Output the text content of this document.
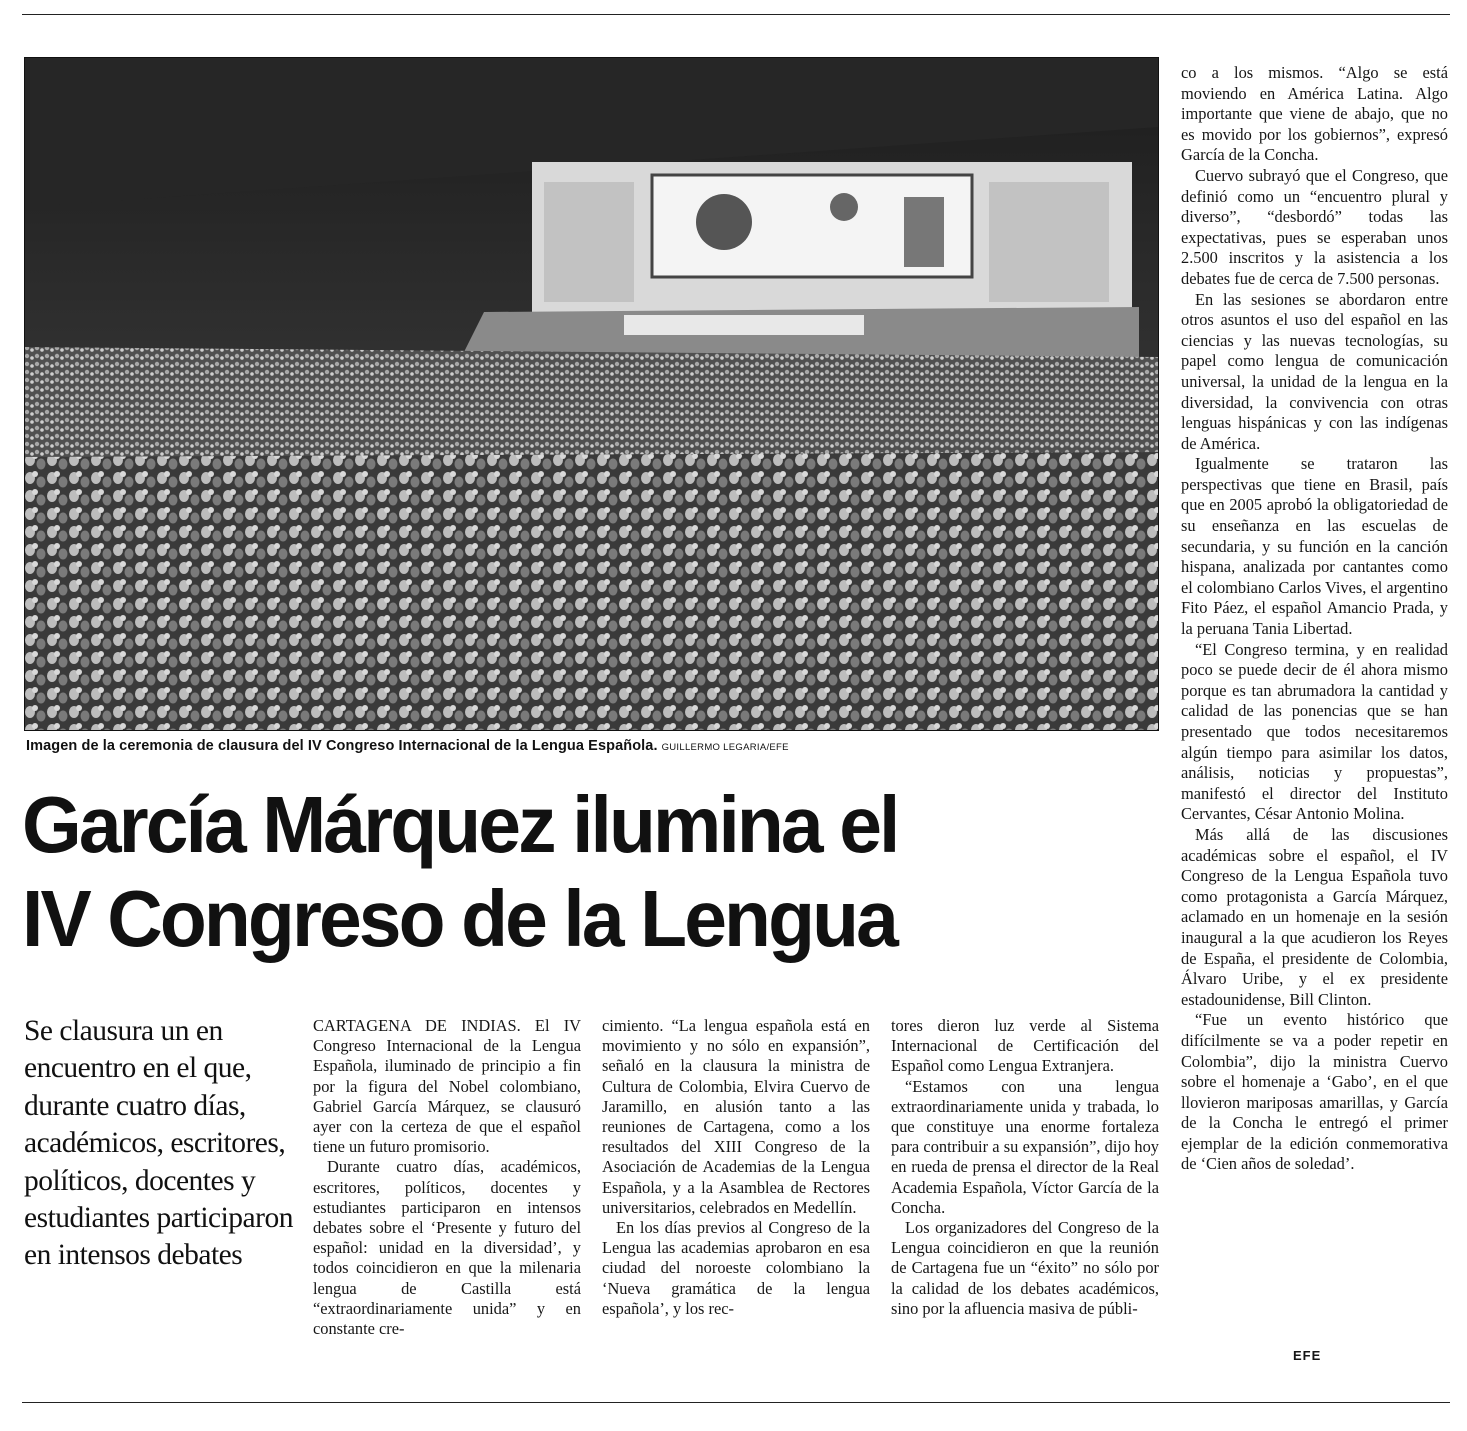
Imagen de la ceremonia de clausura del IV Congreso Internacional de la Lengua Española. GUILLERMO LEGARIA/EFE
García Márquez ilumina el
IV Congreso de la Lengua
Se clausura un en encuentro en el que, durante cuatro días, académicos, escritores, políticos, docentes y estudiantes participaron en intensos debates

CARTAGENA DE INDIAS. El IV Congreso Internacional de la Lengua Española, iluminado de principio a fin por la figura del Nobel colombiano, Gabriel García Márquez, se clausuró ayer con la certeza de que el español tiene un futuro promisorio.

Durante cuatro días, académicos, escritores, políticos, docentes y estudiantes participaron en intensos debates sobre el ‘Presente y futuro del español: unidad en la diversidad’, y todos coincidieron en que la milenaria lengua de Castilla está “extraordinariamente unida” y en constante cre-

cimiento. “La lengua española está en movimiento y no sólo en expansión”, señaló en la clausura la ministra de Cultura de Colombia, Elvira Cuervo de Jaramillo, en alusión tanto a las reuniones de Cartagena, como a los resultados del XIII Congreso de la Asociación de Academias de la Lengua Española, y a la Asamblea de Rectores universitarios, celebrados en Medellín.

En los días previos al Congreso de la Lengua las academias aprobaron en esa ciudad del noroeste colombiano la ‘Nueva gramática de la lengua española’, y los rec-

tores dieron luz verde al Sistema Internacional de Certificación del Español como Lengua Extranjera.

“Estamos con una lengua extraordinariamente unida y trabada, lo que constituye una enorme fortaleza para contribuir a su expansión”, dijo hoy en rueda de prensa el director de la Real Academia Española, Víctor García de la Concha.

Los organizadores del Congreso de la Lengua coincidieron en que la reunión de Cartagena fue un “éxito” no sólo por la calidad de los debates académicos, sino por la afluencia masiva de públi-

co a los mismos. “Algo se está moviendo en América Latina. Algo importante que viene de abajo, que no es movido por los gobiernos”, expresó García de la Concha.

Cuervo subrayó que el Congreso, que definió como un “encuentro plural y diverso”, “desbordó” todas las expectativas, pues se esperaban unos 2.500 inscritos y la asistencia a los debates fue de cerca de 7.500 personas.

En las sesiones se abordaron entre otros asuntos el uso del español en las ciencias y las nuevas tecnologías, su papel como lengua de comunicación universal, la unidad de la lengua en la diversidad, la convivencia con otras lenguas hispánicas y con las indígenas de América.

Igualmente se trataron las perspectivas que tiene en Brasil, país que en 2005 aprobó la obligatoriedad de su enseñanza en las escuelas de secundaria, y su función en la canción hispana, analizada por cantantes como el colombiano Carlos Vives, el argentino Fito Páez, el español Amancio Prada, y la peruana Tania Libertad.

“El Congreso termina, y en realidad poco se puede decir de él ahora mismo porque es tan abrumadora la cantidad y calidad de las ponencias que se han presentado que todos necesitaremos algún tiempo para asimilar los datos, análisis, noticias y propuestas”, manifestó el director del Instituto Cervantes, César Antonio Molina.

Más allá de las discusiones académicas sobre el español, el IV Congreso de la Lengua Española tuvo como protagonista a García Márquez, aclamado en un homenaje en la sesión inaugural a la que acudieron los Reyes de España, el presidente de Colombia, Álvaro Uribe, y el ex presidente estadounidense, Bill Clinton.

“Fue un evento histórico que difícilmente se va a poder repetir en Colombia”, dijo la ministra Cuervo sobre el homenaje a ‘Gabo’, en el que llovieron mariposas amarillas, y García de la Concha le entregó el primer ejemplar de la edición conmemorativa de ‘Cien años de soledad’.

EFE
